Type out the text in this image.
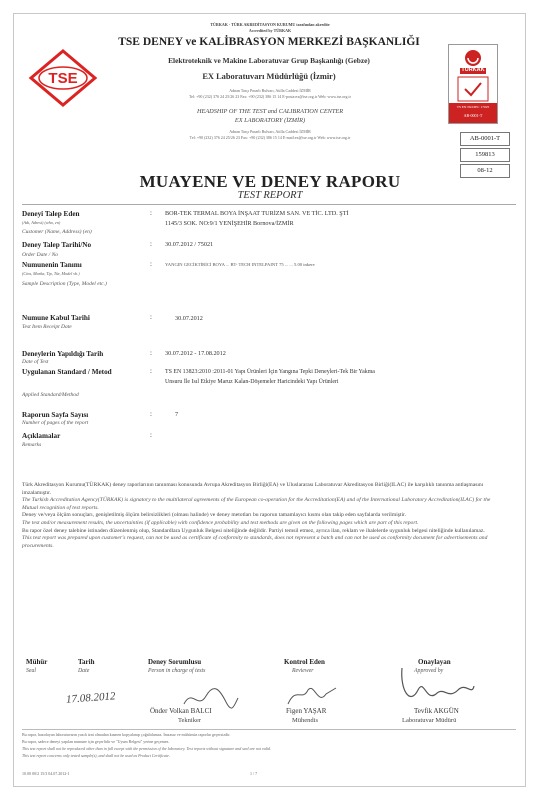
TÜRKAK - TÜRK AKREDİTASYON KURUMU tarafından akredite
Accredited by TÜRKAK
TSE
TSE DENEY ve KALİBRASYON MERKEZİ BAŞKANLIĞI
Elektroteknik ve Makine Laboratuvar Grup Başkanlığı (Gebze)
EX Laboratuvarı Müdürlüğü (İzmir)
Adnan Tarçı Pınarlı Bulvarı, Atilla Caddesi İZMİR
Tel: +90 (232) 376 24 25/26 23 Fax: +90 (232) 386 15 14 E-posta:ex@tse.org.tr Web: www.tse.org.tr
HEADSHIP OF THE TEST and CALIBRATION CENTER
EX LABORATORY (İZMİR)
Adnan Tarçı Pınarlı Bulvarı, Atilla Caddesi İZMİR
Tel: +90 (232) 376 24 25/26 23 Fax: +90 (232) 386 15 14 E-mail:ex@tse.org.tr Web: www.tse.org.tr
TÜRKAK
TS EN ISO/IEC 17025
AB-0001-T
AB-0001-T
159813
08-12
MUAYENE VE DENEY RAPORU
TEST REPORT
Deneyi Talep Eden
(Adı, Adresi) (who, en)
Customer (Name, Address) (en)
: BOR-TEK TERMAL BOYA İNŞAAT TURİZM SAN. VE TİC. LTD. ŞTİ
1145/3 SOK. NO:9/1 YENİŞEHİR Bornova/İZMİR
Deney Talep Tarihi/No
Order Date / No
: 30.07.2012 / 75021
Numunenin Tanımı
(Cins, Marka, Tip, Tür, Model vb.)
Sample Description (Type, Model etc.)
:	YANGIN GECİKTİRİCİ BOYA ... BT- TECH INTELPAINT 75 ... ... 5.00 inkere
Numune Kabul Tarihi
Test Item Receipt Date
:	30.07.2012
Deneylerin Yapıldığı Tarih
Date of Test
: 30.07.2012 - 17.08.2012
Uygulanan Standard / Metod
Applied Standard/Method
: TS EN 13823:2010 :2011-01 Yapı Ürünleri İçin Yangına Tepki Deneyleri-Tek Bir Yakma
Unsuru İle Isıl Etkiye Maruz Kalan-Döşemeler Haricindeki Yapı Ürünleri
Raporun Sayfa Sayısı
Number of pages of the report
:	7
Açıklamalar
Remarks
:
Türk Akreditasyon Kurumu(TÜRKAK) deney raporlarının tanınması konusunda Avrupa Akreditasyon Birliği(EA) ve Uluslararası Laboratuvar Akreditasyon Birliği(ILAC) ile karşılıklı tanınma antlaşmasını imzalamıştır.
The Turkish Accreditation Agency(TÜRKAK) is signatory to the multilateral agreements of the European co-operation for the Accreditation(EA) and of the International Laboratory Accreditation(ILAC) for the Mutual recognition of test reports.
Deney ve/veya ölçüm sonuçları, genişletilmiş ölçüm belirsizlikleri (olması halinde) ve deney metotları bu raporun tamamlayıcı kısmı olan takip eden sayfalarda verilmiştir.
The test and/or measurement results, the uncertainties (if applicable) with confidence probability and test methods are given on the following pages which are part of this report.
Bu rapor özel deney talebine istinaden düzenlenmiş olup, Standardlara Uygunluk Belgesi niteliğinde değildir. Partiyi temsil etmez, ayrıca ilan, reklam ve ihalelerde uygunluk belgesi niteliğinde kullanılamaz.
This test report was prepared upon customer's request, can not be used as certificate of conformity to standards, does not represent a batch and can not be used as conformity document for advertisements and procurements.
Mühür
Seal
Tarih
Date
17.08.2012
Deney Sorumlusu
Person in charge of tests
Önder Volkan BALCI
Tekniker
Kontrol Eden
Reviewer
Figen YAŞAR
Mühendis
Onaylayan
Approved by
Tevfik AKGÜN
Laboratuvar Müdürü
Bu rapor, hazırlayan laboratuvarın yazılı izni olmadan kısmen kopyalanıp çoğaltılamaz. İmzasız ve mühürsüz raporlar geçersizdir.
Bu rapor, sadece deneyi yapılan numune için geçerlidir ve "Uyum Belgesi" yerine geçemez.
This test report shall not be reproduced other than in full except with the permission of the laboratory. Test reports without signature and seal are not valid.
This test report concerns only tested sample(s), and shall not be used as Product Certificate.
10.00 00/2 15/3 04.07.2012-1	1 / 7
